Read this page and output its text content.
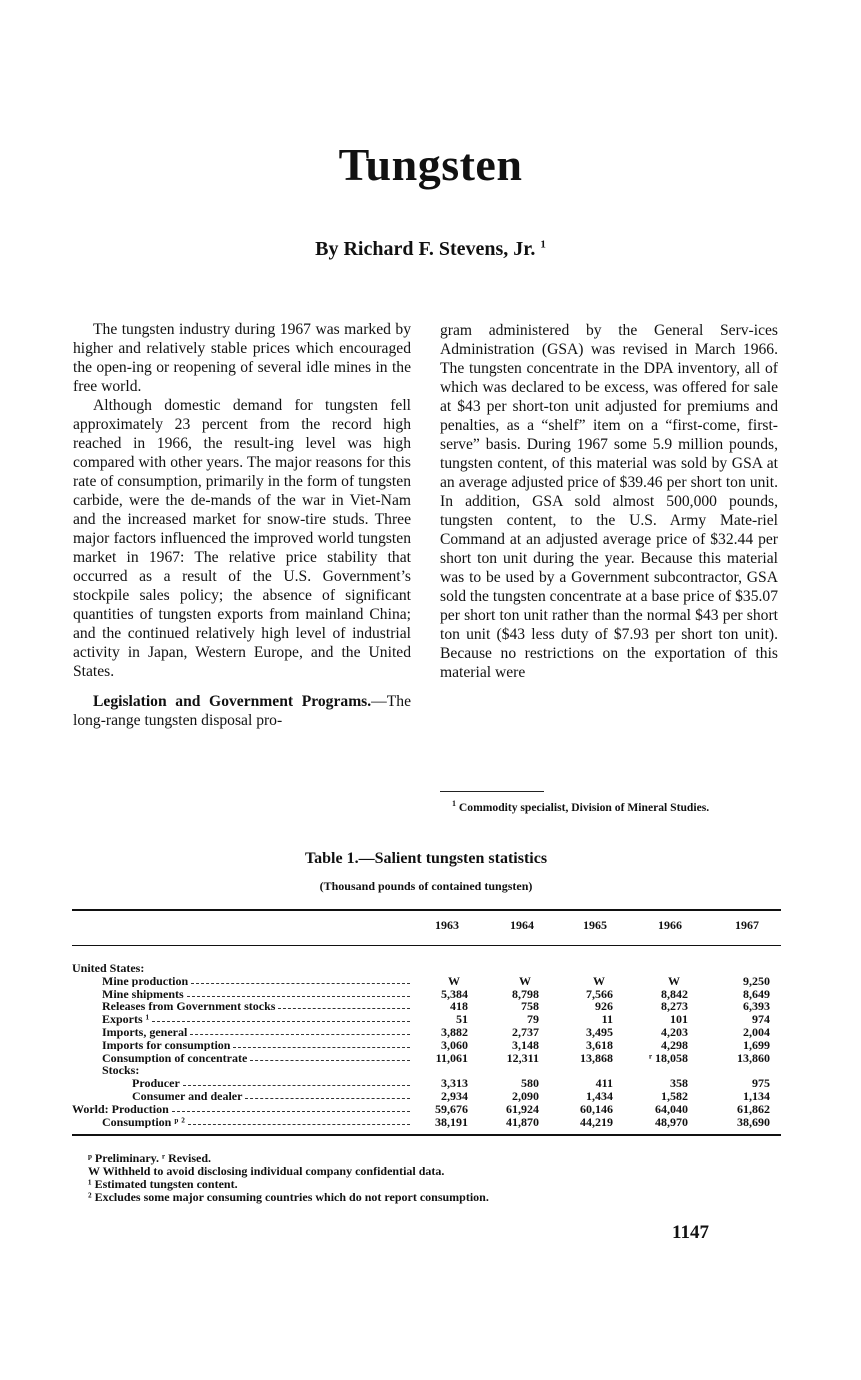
Tungsten
By Richard F. Stevens, Jr. $^1$

The tungsten industry during 1967 was marked by higher and relatively stable prices which encouraged the open-ing or reopening of several idle mines in the free world.

Although domestic demand for tungsten fell approximately 23 percent from the record high reached in 1966, the result-ing level was high compared with other years. The major reasons for this rate of consumption, primarily in the form of tungsten carbide, were the de-mands of the war in Viet-Nam and the increased market for snow-tire studs. Three major factors influenced the improved world tungsten market in 1967: The relative price stability that occurred as a result of the U.S. Government’s stockpile sales policy; the absence of significant quantities of tungsten exports from mainland China; and the continued relatively high level of industrial activity in Japan, Western Europe, and the United States.

Legislation and Government Programs.—The long-range tungsten disposal pro-

gram administered by the General Serv-ices Administration (GSA) was revised in March 1966. The tungsten concentrate in the DPA inventory, all of which was declared to be excess, was offered for sale at $43 per short-ton unit adjusted for premiums and penalties, as a “shelf” item on a “first-come, first-serve” basis. During 1967 some 5.9 million pounds, tungsten content, of this material was sold by GSA at an average adjusted price of $39.46 per short ton unit. In addition, GSA sold almost 500,000 pounds, tungsten content, to the U.S. Army Mate-riel Command at an adjusted average price of $32.44 per short ton unit during the year. Because this material was to be used by a Government subcontractor, GSA sold the tungsten concentrate at a base price of $35.07 per short ton unit rather than the normal $43 per short ton unit ($43 less duty of $7.93 per short ton unit). Because no restrictions on the exportation of this material were

$^1$ Commodity specialist, Division of Mineral Studies.
Table 1.—Salient tungsten statistics
(Thousand pounds of contained tungsten)
1963	1964	1965	1966	1967
United States:
Mine production	W	W	W	W	9,250
Mine shipments	5,384	8,798	7,566	8,842	8,649
Releases from Government stocks	418	758	926	8,273	6,393
Exports ¹	51	79	11	101	974
Imports, general	3,882	2,737	3,495	4,203	2,004
Imports for consumption	3,060	3,148	3,618	4,298	1,699
Consumption of concentrate	11,061	12,311	13,868	ʳ 18,058	13,860
Stocks:
Producer	3,313	580	411	358	975
Consumer and dealer	2,934	2,090	1,434	1,582	1,134
World: Production	59,676	61,924	60,146	64,040	61,862
Consumption ᵖ ²	38,191	41,870	44,219	48,970	38,690
ᵖ Preliminary. ʳ Revised.
W Withheld to avoid disclosing individual company confidential data.
¹ Estimated tungsten content.
² Excludes some major consuming countries which do not report consumption.
1147
